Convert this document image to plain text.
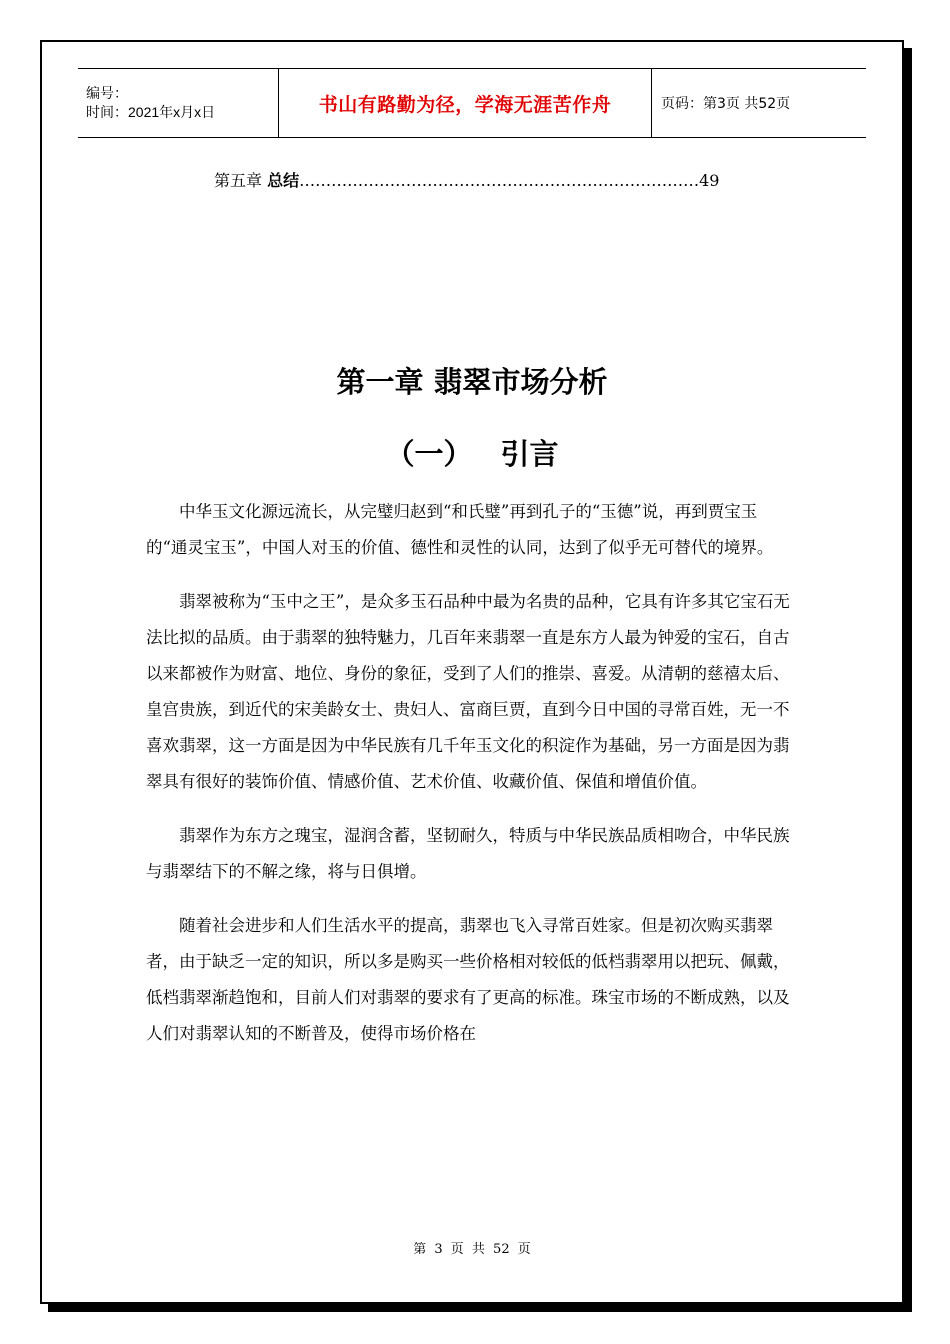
编号：
时间：2021年x月x日	书山有路勤为径，学海无涯苦作舟	页码：第3页 共52页
第五章 总结…………………………………………………………………49
第一章 翡翠市场分析
（一） 引言

中华玉文化源远流长，从完璧归赵到“和氏璧”再到孔子的“玉德”说，再到贾宝玉的“通灵宝玉”，中国人对玉的价值、德性和灵性的认同，达到了似乎无可替代的境界。

翡翠被称为“玉中之王”，是众多玉石品种中最为名贵的品种，它具有许多其它宝石无法比拟的品质。由于翡翠的独特魅力，几百年来翡翠一直是东方人最为钟爱的宝石，自古以来都被作为财富、地位、身份的象征，受到了人们的推崇、喜爱。从清朝的慈禧太后、皇宫贵族，到近代的宋美龄女士、贵妇人、富商巨贾，直到今日中国的寻常百姓，无一不喜欢翡翠，这一方面是因为中华民族有几千年玉文化的积淀作为基础，另一方面是因为翡翠具有很好的装饰价值、情感价值、艺术价值、收藏价值、保值和增值价值。

翡翠作为东方之瑰宝，湿润含蓄，坚韧耐久，特质与中华民族品质相吻合，中华民族与翡翠结下的不解之缘，将与日俱增。

随着社会进步和人们生活水平的提高，翡翠也飞入寻常百姓家。但是初次购买翡翠者，由于缺乏一定的知识，所以多是购买一些价格相对较低的低档翡翠用以把玩、佩戴，低档翡翠渐趋饱和，目前人们对翡翠的要求有了更高的标准。珠宝市场的不断成熟，以及人们对翡翠认知的不断普及，使得市场价格在

第 3 页 共 52 页
